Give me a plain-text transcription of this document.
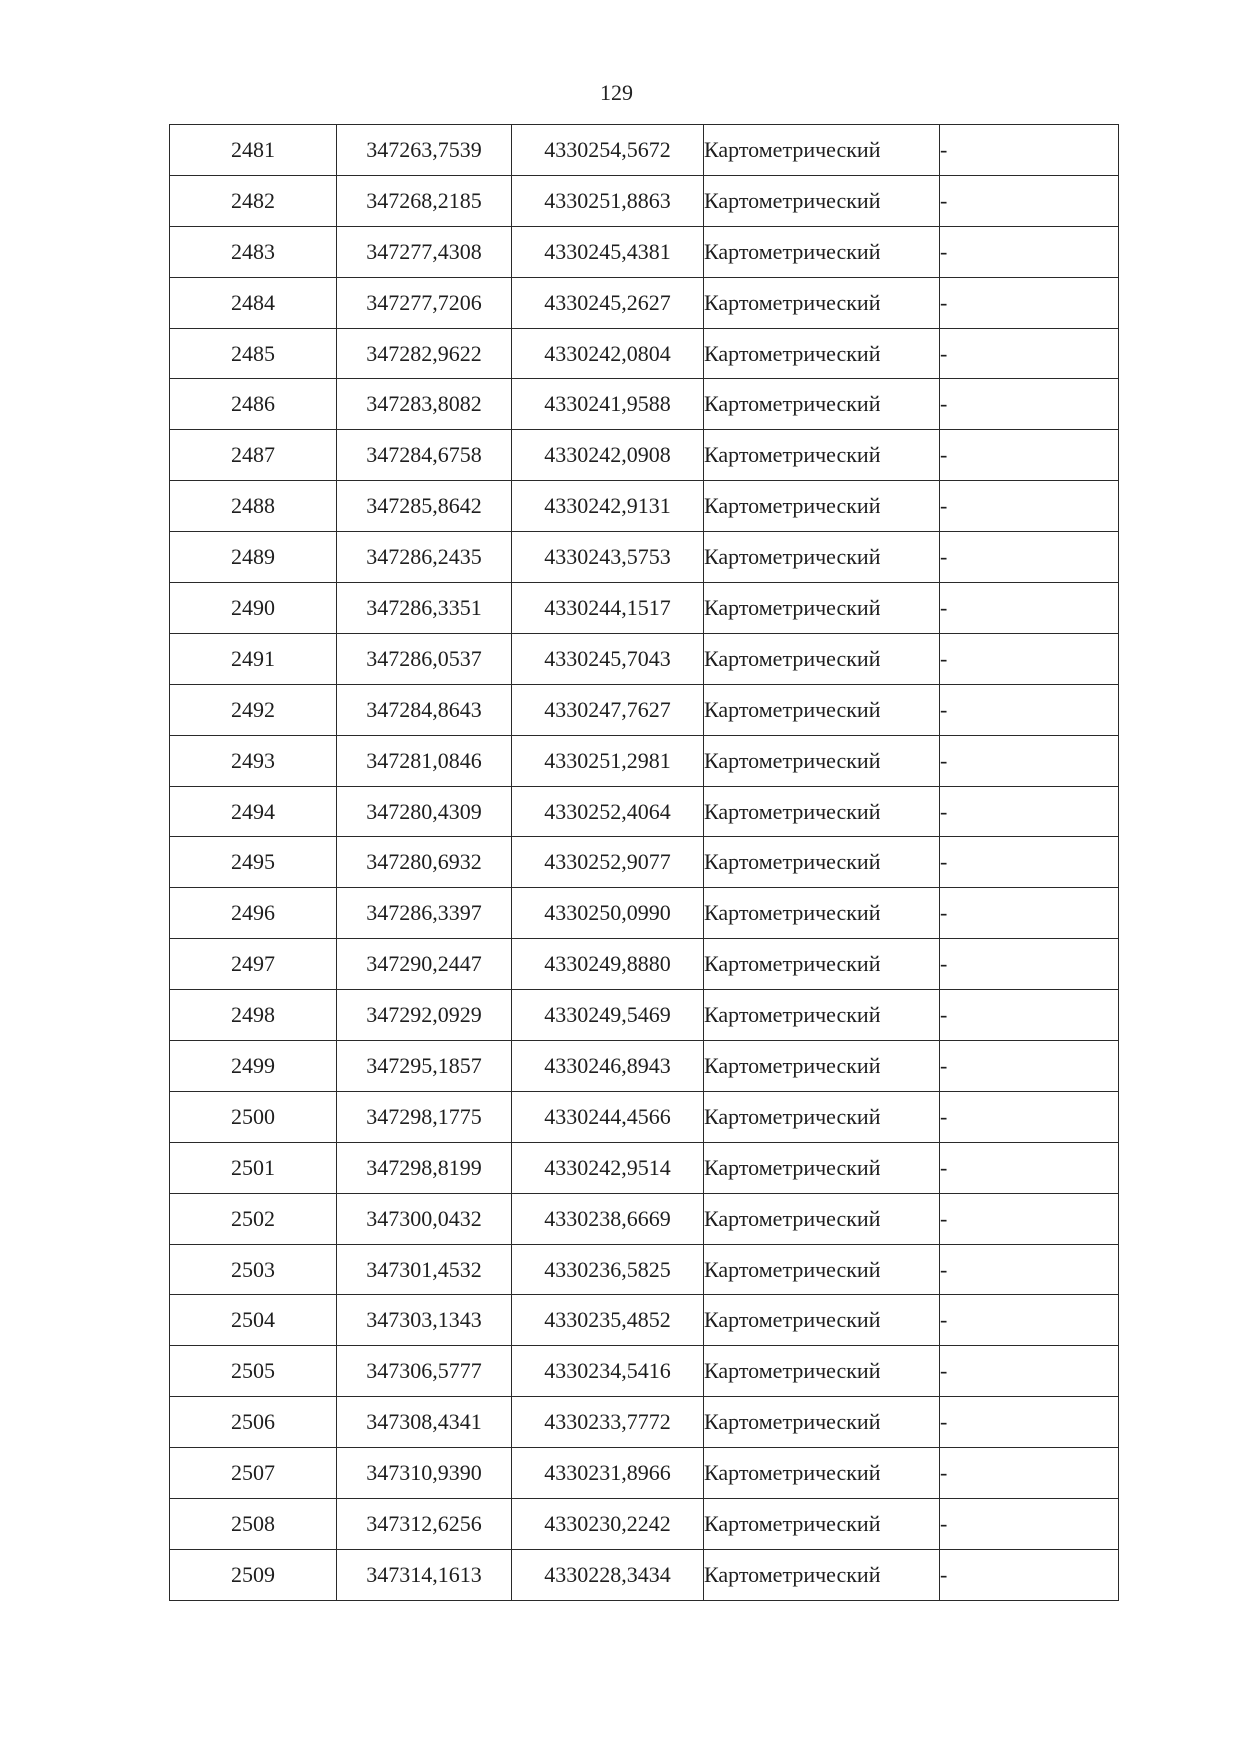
129
2481	347263,7539	4330254,5672	Картометрический	-
2482	347268,2185	4330251,8863	Картометрический	-
2483	347277,4308	4330245,4381	Картометрический	-
2484	347277,7206	4330245,2627	Картометрический	-
2485	347282,9622	4330242,0804	Картометрический	-
2486	347283,8082	4330241,9588	Картометрический	-
2487	347284,6758	4330242,0908	Картометрический	-
2488	347285,8642	4330242,9131	Картометрический	-
2489	347286,2435	4330243,5753	Картометрический	-
2490	347286,3351	4330244,1517	Картометрический	-
2491	347286,0537	4330245,7043	Картометрический	-
2492	347284,8643	4330247,7627	Картометрический	-
2493	347281,0846	4330251,2981	Картометрический	-
2494	347280,4309	4330252,4064	Картометрический	-
2495	347280,6932	4330252,9077	Картометрический	-
2496	347286,3397	4330250,0990	Картометрический	-
2497	347290,2447	4330249,8880	Картометрический	-
2498	347292,0929	4330249,5469	Картометрический	-
2499	347295,1857	4330246,8943	Картометрический	-
2500	347298,1775	4330244,4566	Картометрический	-
2501	347298,8199	4330242,9514	Картометрический	-
2502	347300,0432	4330238,6669	Картометрический	-
2503	347301,4532	4330236,5825	Картометрический	-
2504	347303,1343	4330235,4852	Картометрический	-
2505	347306,5777	4330234,5416	Картометрический	-
2506	347308,4341	4330233,7772	Картометрический	-
2507	347310,9390	4330231,8966	Картометрический	-
2508	347312,6256	4330230,2242	Картометрический	-
2509	347314,1613	4330228,3434	Картометрический	-
